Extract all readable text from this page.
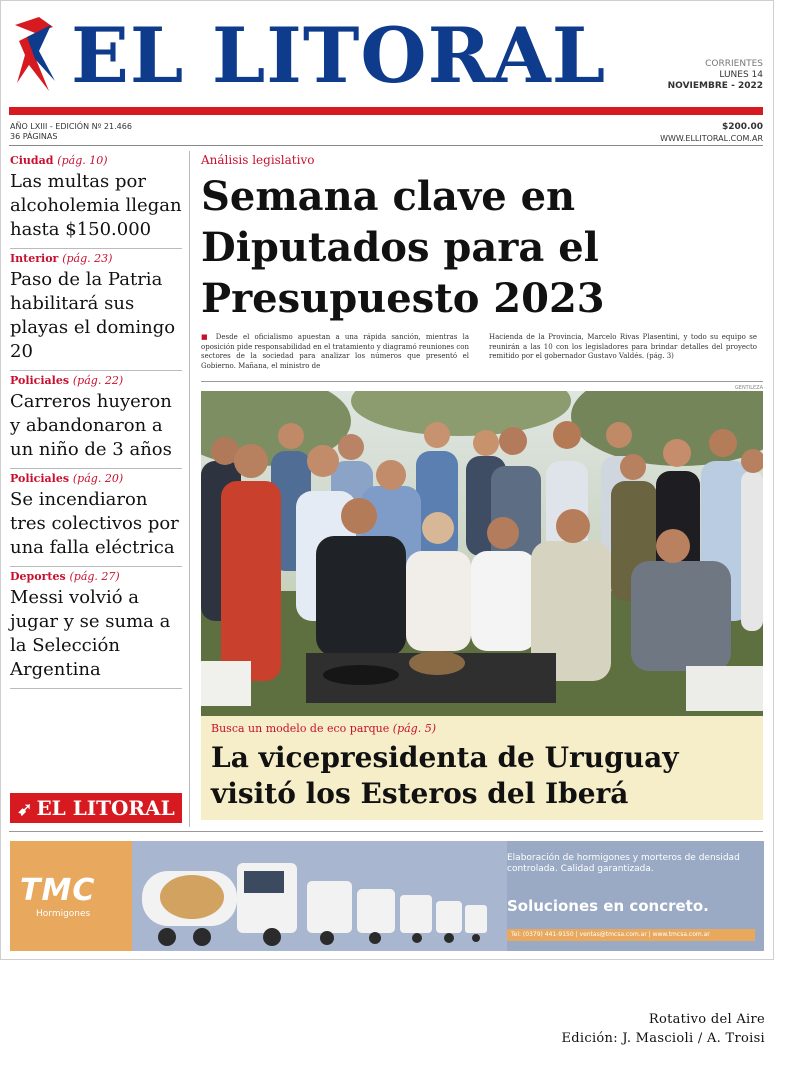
EL LITORAL	CORRIENTES
LUNES 14
NOVIEMBRE - 2022
AÑO LXIII - EDICIÓN Nº 21.466
36 PÁGINAS
$200.00
WWW.ELLITORAL.COM.AR
Ciudad (pág. 10)
Las multas por alcoholemia llegan hasta $150.000
Interior (pág. 23)
Paso de la Patria habilitará sus playas el domingo 20
Policiales (pág. 22)
Carreros huyeron y abandonaron a un niño de 3 años
Policiales (pág. 20)
Se incendiaron tres colectivos por una falla eléctrica
Deportes (pág. 27)
Messi volvió a jugar y se suma a la Selección Argentina
➹ EL LITORAL
Análisis legislativo
Semana clave en Diputados para el Presupuesto 2023
■ Desde el oficialismo apuestan a una rápida sanción, mientras la oposición pide responsabilidad en el tratamiento y diagramó reuniones con sectores de la sociedad para analizar los números que presentó el Gobierno. Mañana, el ministro de
Hacienda de la Provincia, Marcelo Rivas Plasentini, y todo su equipo se reunirán a las 10 con los legisladores para brindar detalles del proyecto remitido por el gobernador Gustavo Valdés. (pág. 3)
GENTILEZA
Busca un modelo de eco parque (pág. 5)
La vicepresidenta de Uruguay visitó los Esteros del Iberá
TMC
Hormigones
Elaboración de hormigones y morteros de densidad controlada. Calidad garantizada.
Soluciones en concreto.
Tel: (0379) 441-9150 | ventas@tmcsa.com.ar | www.tmcsa.com.ar
Rotativo del Aire
Edición: J. Mascioli / A. Troisi
